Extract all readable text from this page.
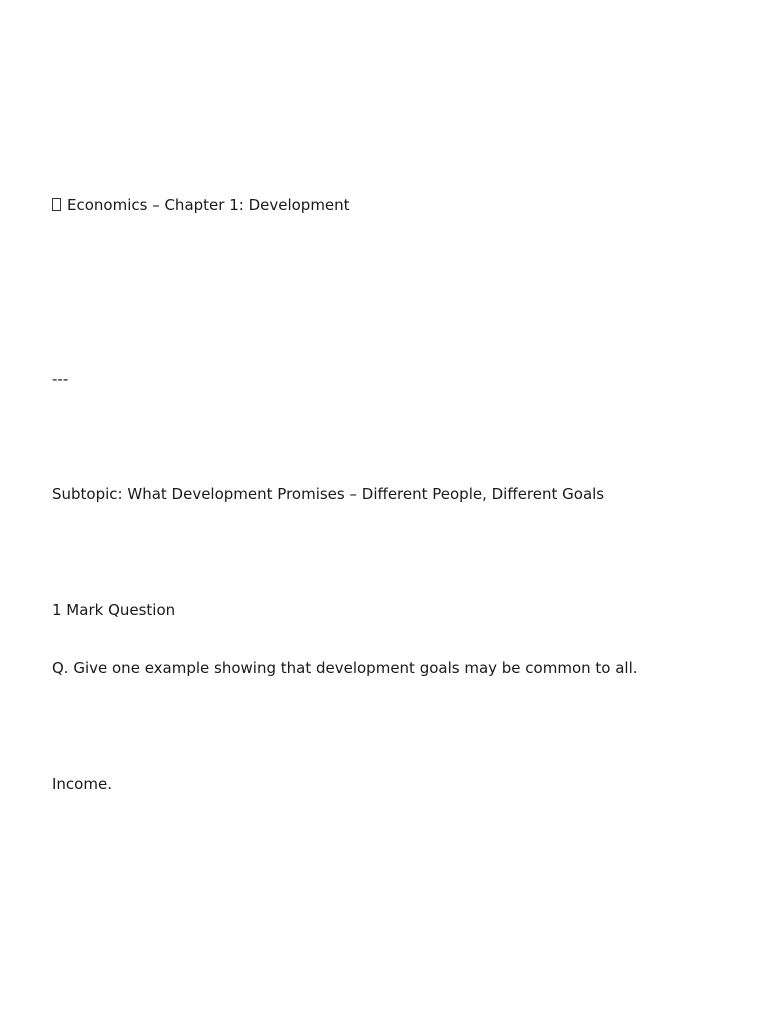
Economics – Chapter 1: Development
---
Subtopic: What Development Promises – Different People, Different Goals
1 Mark Question
Q. Give one example showing that development goals may be common to all.
Income.
